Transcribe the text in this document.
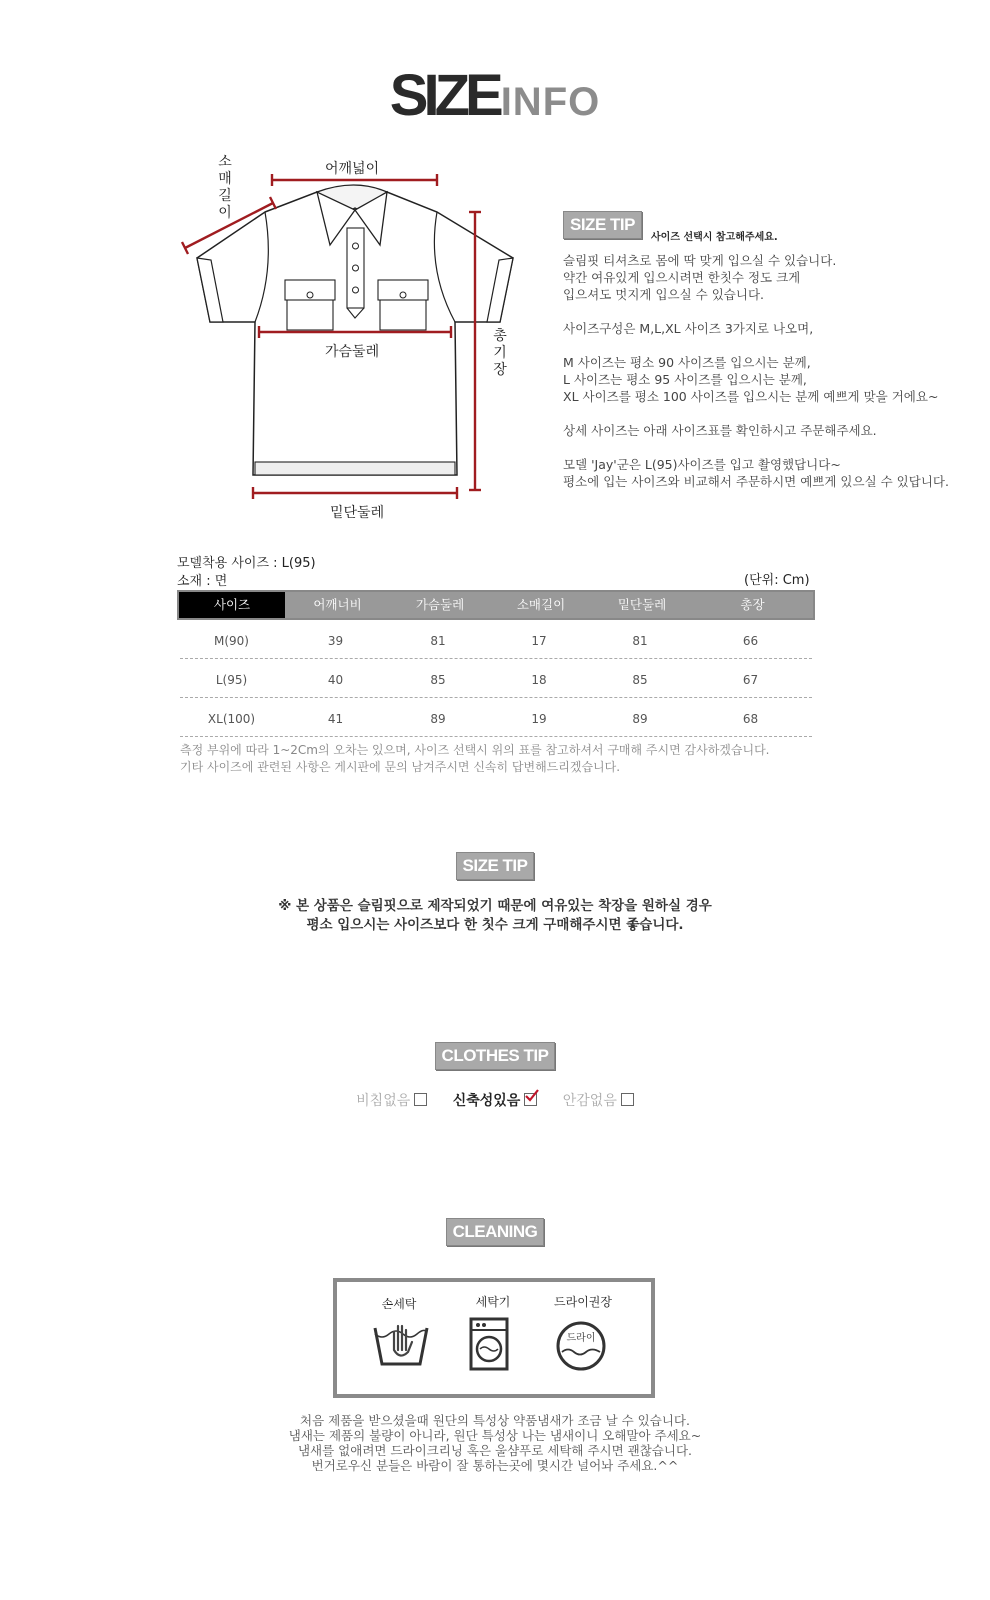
SIZEINFO
소
매
길
이
어깨넓이
가슴둘레
총
기
장
밑단둘레
SIZE TIP
사이즈 선택시 참고해주세요.
슬림핏 티셔츠로 몸에 딱 맞게 입으실 수 있습니다.
약간 여유있게 입으시려면 한칫수 정도 크게
입으셔도 멋지게 입으실 수 있습니다.

사이즈구성은 M,L,XL 사이즈 3가지로 나오며,

M 사이즈는 평소 90 사이즈를 입으시는 분께,
L 사이즈는 평소 95 사이즈를 입으시는 분께,
XL 사이즈를 평소 100 사이즈를 입으시는 분께 예쁘게 맞을 거에요~

상세 사이즈는 아래 사이즈표를 확인하시고 주문해주세요.

모델 'Jay'군은 L(95)사이즈를 입고 촬영했답니다~
평소에 입는 사이즈와 비교해서 주문하시면 예쁘게 있으실 수 있답니다.
모델착용 사이즈 : L(95)
소재 : 면	(단위: Cm)
사이즈	어깨너비	가슴둘레	소매길이	밑단둘레	총장
M(90)	39	81	17	81	66
L(95)	40	85	18	85	67
XL(100)	41	89	19	89	68
측정 부위에 따라 1~2Cm의 오차는 있으며, 사이즈 선택시 위의 표를 참고하셔서 구매해 주시면 감사하겠습니다.
기타 사이즈에 관련된 사항은 게시판에 문의 남겨주시면 신속히 답변해드리겠습니다.
SIZE TIP
※ 본 상품은 슬림핏으로 제작되었기 때문에 여유있는 착장을 원하실 경우
평소 입으시는 사이즈보다 한 칫수 크게 구매해주시면 좋습니다.
CLOTHES TIP
비침없음	신축성있음	안감없음
CLEANING
손세탁	세탁기	드라이권장
드라이
처음 제품을 받으셨을때 원단의 특성상 약품냄새가 조금 날 수 있습니다.
냄새는 제품의 불량이 아니라, 원단 특성상 나는 냄새이니 오해말아 주세요~
냄새를 없애려면 드라이크리닝 혹은 울샴푸로 세탁해 주시면 괜찮습니다.
번거로우신 분들은 바람이 잘 통하는곳에 몇시간 널어놔 주세요.^^
